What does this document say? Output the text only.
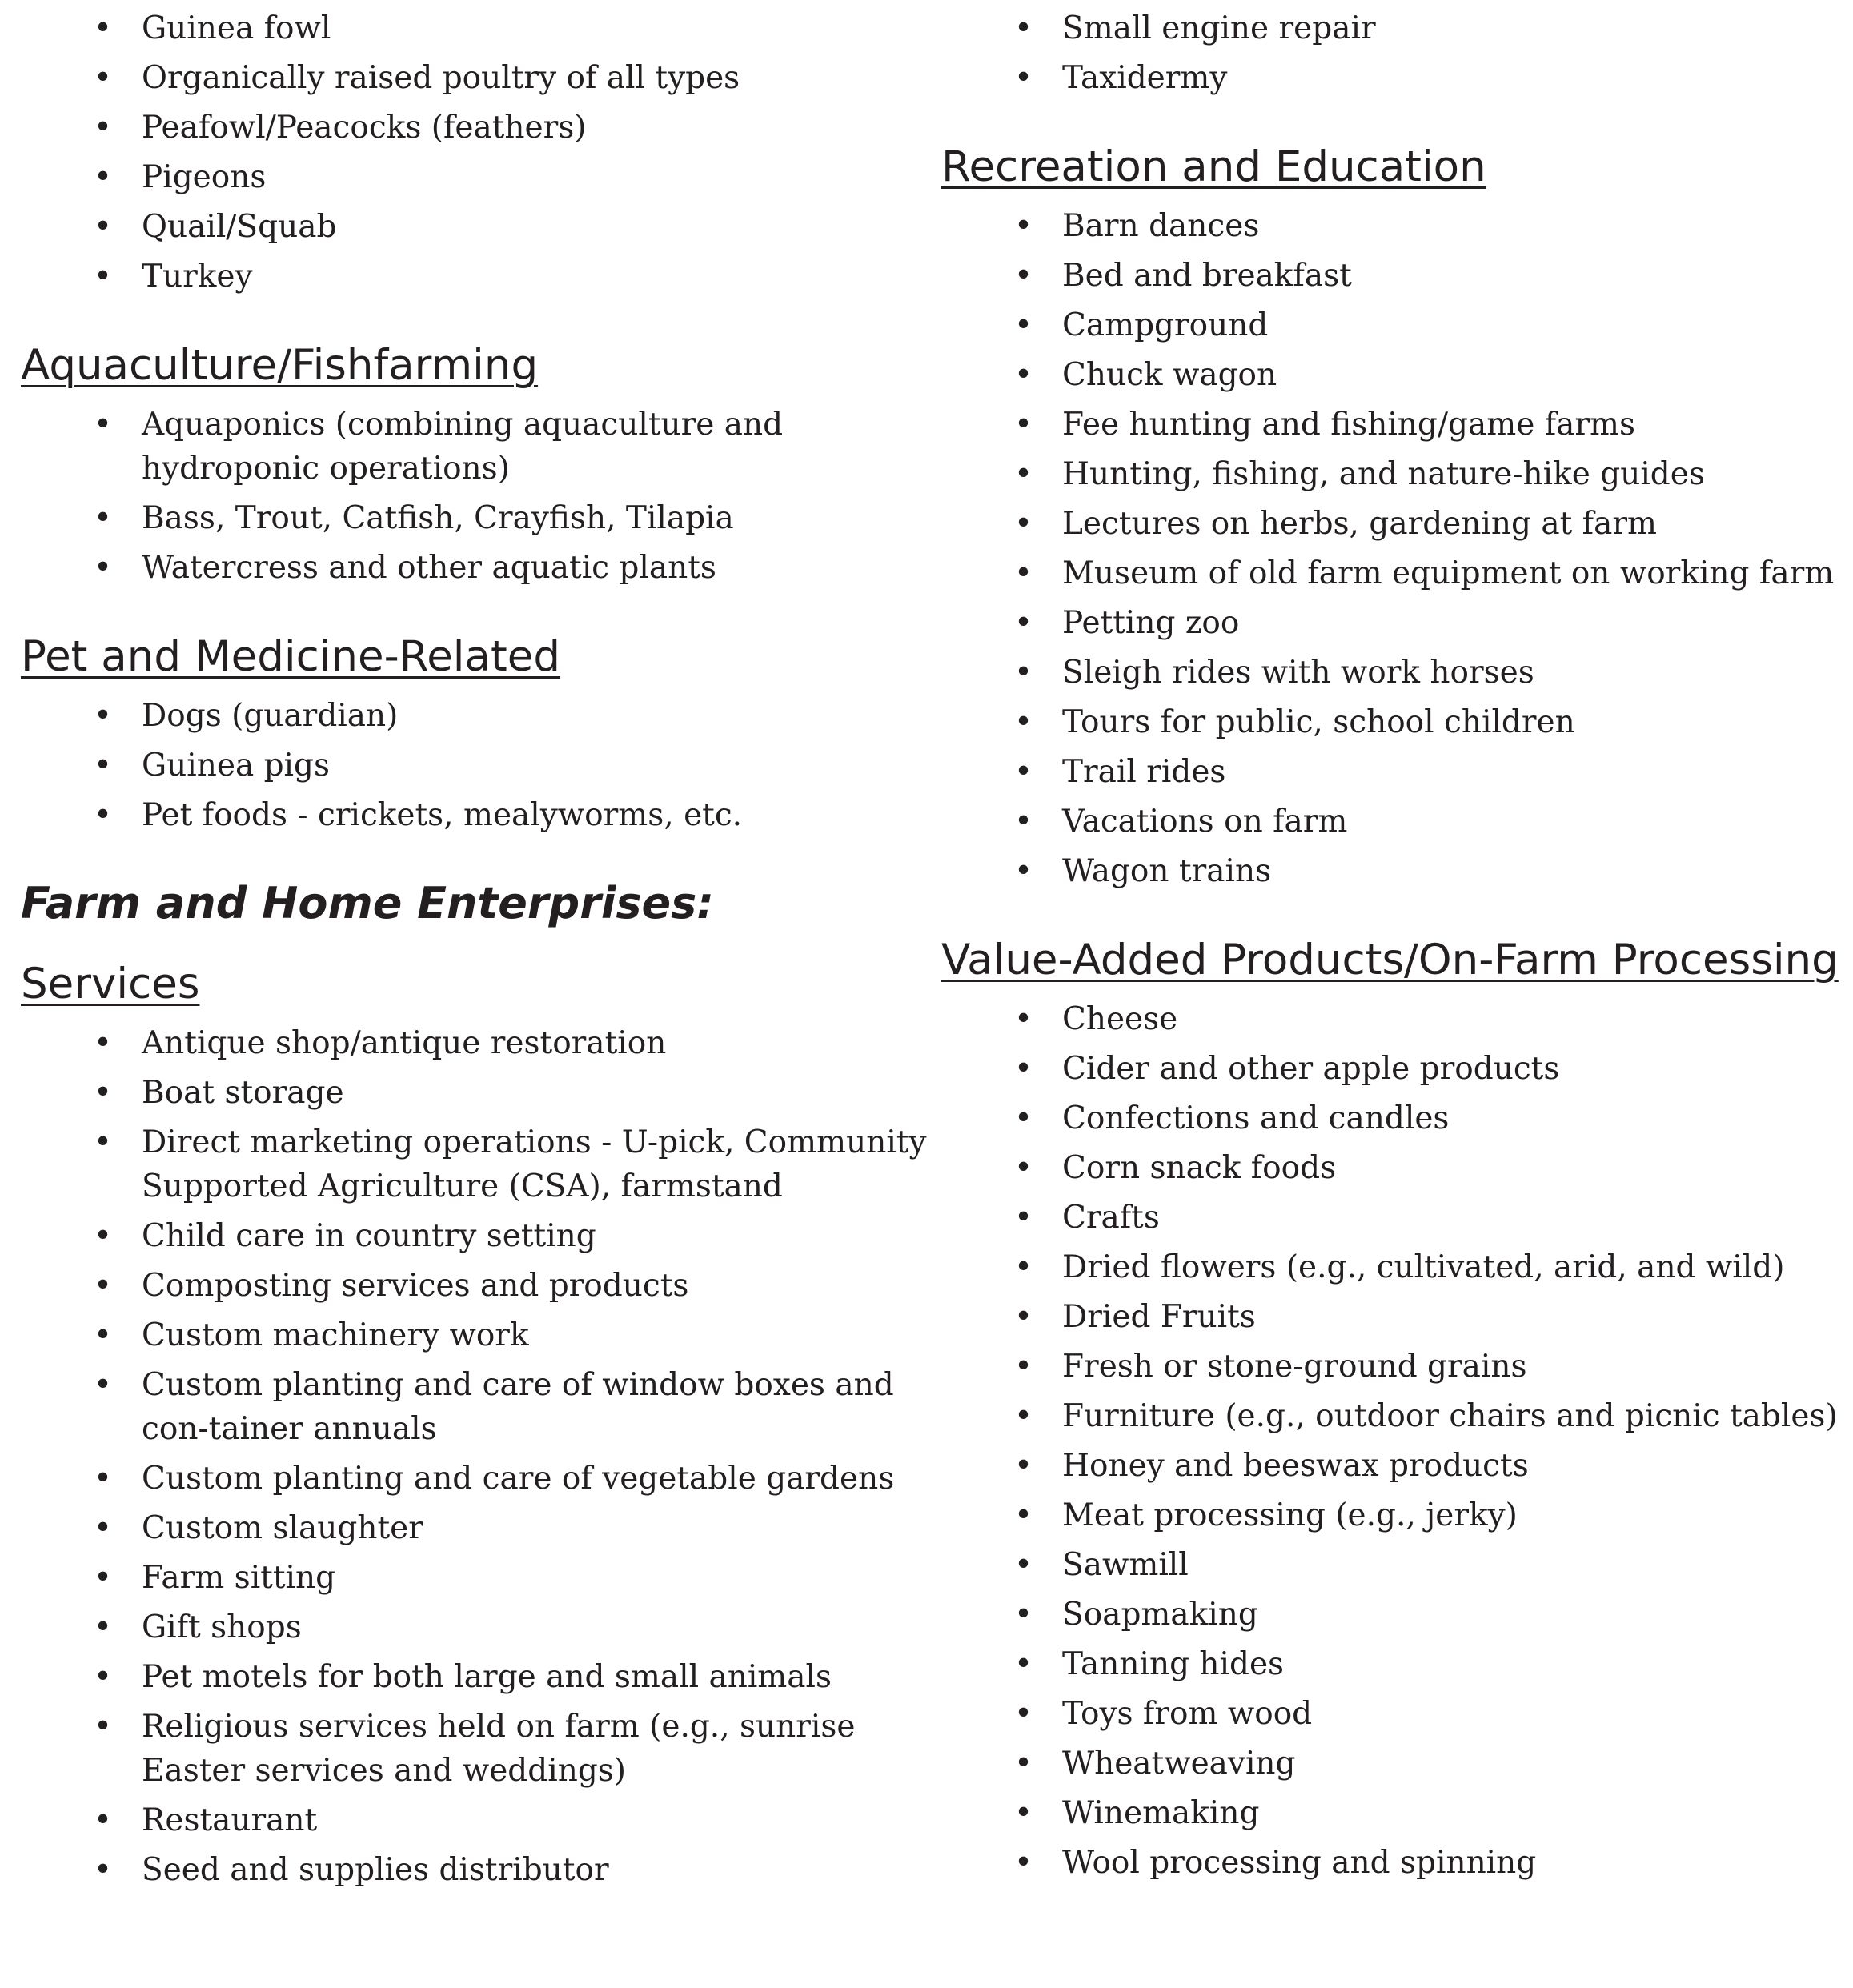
• Guinea fowl
• Organically raised poultry of all types
• Peafowl/Peacocks (feathers)
• Pigeons
• Quail/Squab
• Turkey
Aquaculture/Fishfarming
• Aquaponics (combining aquaculture and hydroponic operations)
• Bass, Trout, Catfish, Crayfish, Tilapia
• Watercress and other aquatic plants
Pet and Medicine-Related
• Dogs (guardian)
• Guinea pigs
• Pet foods - crickets, mealyworms, etc.
Farm and Home Enterprises:
Services
• Antique shop/antique restoration
• Boat storage
• Direct marketing operations - U-pick, Community Supported Agriculture (CSA), farmstand
• Child care in country setting
• Composting services and products
• Custom machinery work
• Custom planting and care of window boxes and con-tainer annuals
• Custom planting and care of vegetable gardens
• Custom slaughter
• Farm sitting
• Gift shops
• Pet motels for both large and small animals
• Religious services held on farm (e.g., sunrise Easter services and weddings)
• Restaurant
• Seed and supplies distributor
• Small engine repair
• Taxidermy
Recreation and Education
• Barn dances
• Bed and breakfast
• Campground
• Chuck wagon
• Fee hunting and fishing/game farms
• Hunting, fishing, and nature-hike guides
• Lectures on herbs, gardening at farm
• Museum of old farm equipment on working farm
• Petting zoo
• Sleigh rides with work horses
• Tours for public, school children
• Trail rides
• Vacations on farm
• Wagon trains
Value-Added Products/On-Farm Processing
• Cheese
• Cider and other apple products
• Confections and candles
• Corn snack foods
• Crafts
• Dried flowers (e.g., cultivated, arid, and wild)
• Dried Fruits
• Fresh or stone-ground grains
• Furniture (e.g., outdoor chairs and picnic tables)
• Honey and beeswax products
• Meat processing (e.g., jerky)
• Sawmill
• Soapmaking
• Tanning hides
• Toys from wood
• Wheatweaving
• Winemaking
• Wool processing and spinning
